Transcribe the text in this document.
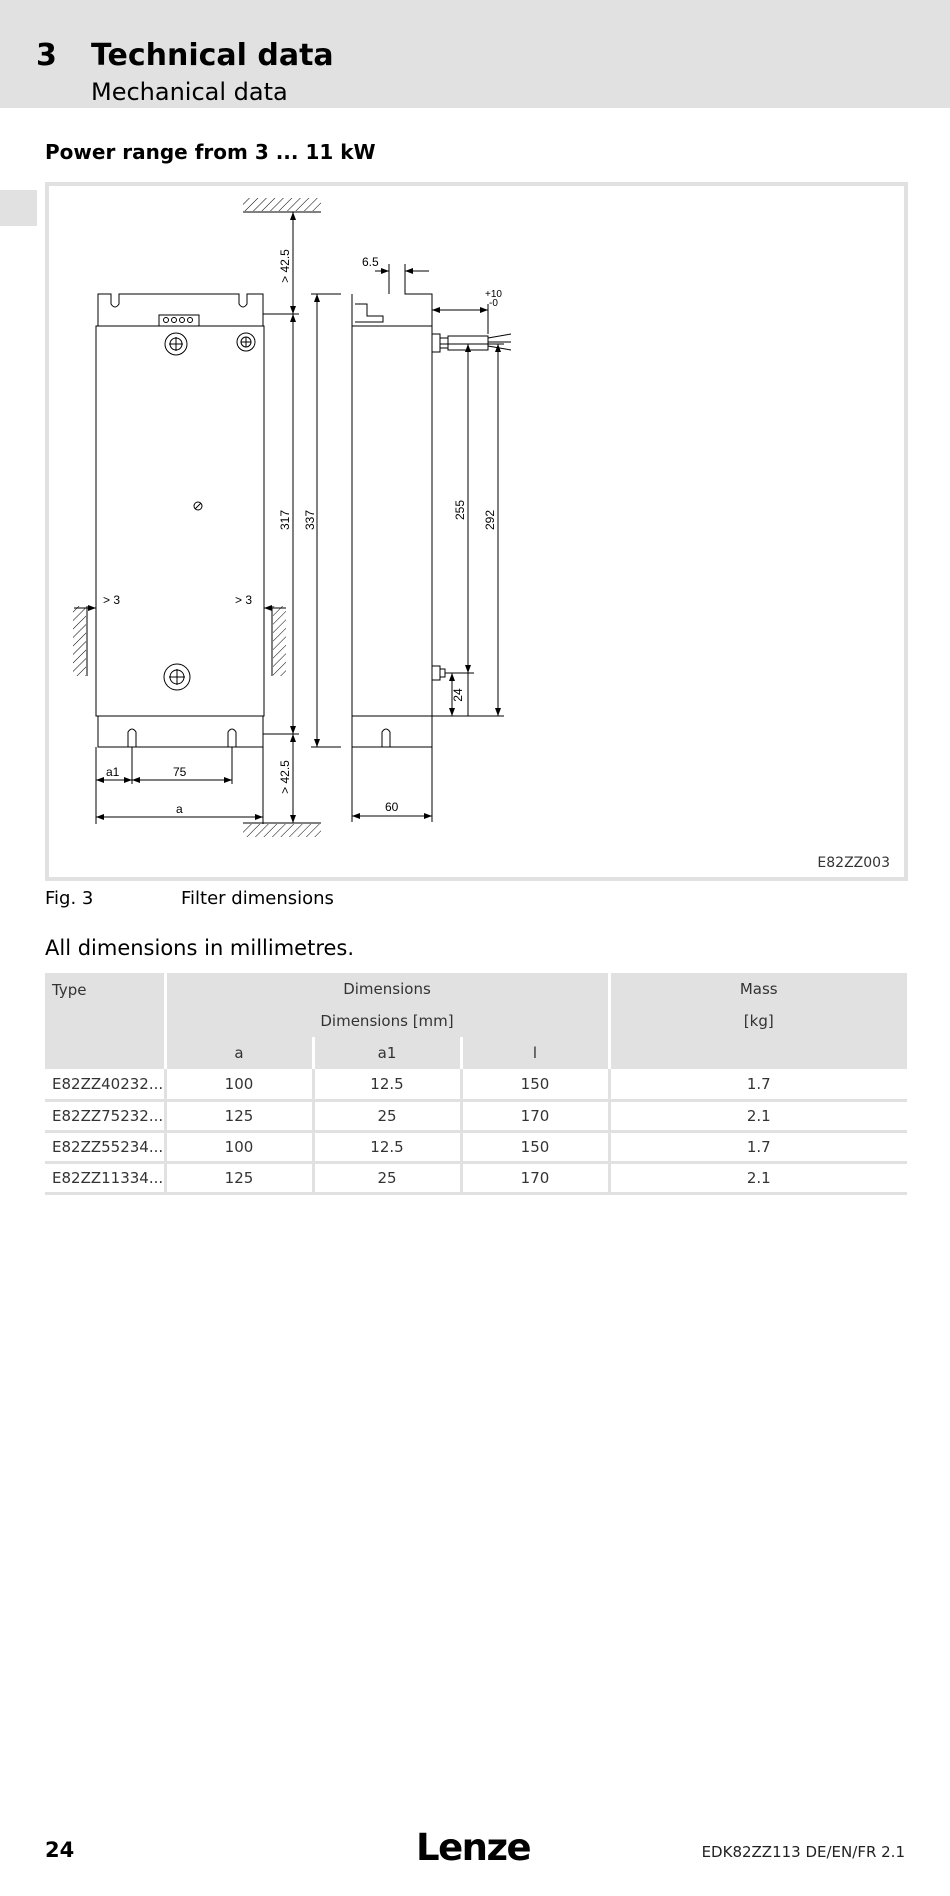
3 Technical data
Mechanical data
Power range from 3 ... 11 kW
> 42.5
> 42.5
317 337	255 292
24
6.5
+10
-0
> 3	> 3
a1	75
a	60
E82ZZ003
Fig. 3	Filter dimensions
All dimensions in millimetres.
Type	Dimensions			Mass
	Dimensions [mm]			[kg]
	a	a1	l	
E82ZZ40232...	100	12.5	150	1.7
E82ZZ75232...	125	25	170	2.1
E82ZZ55234...	100	12.5	150	1.7
E82ZZ11334...	125	25	170	2.1
24	Lenze	EDK82ZZ113 DE/EN/FR 2.1
